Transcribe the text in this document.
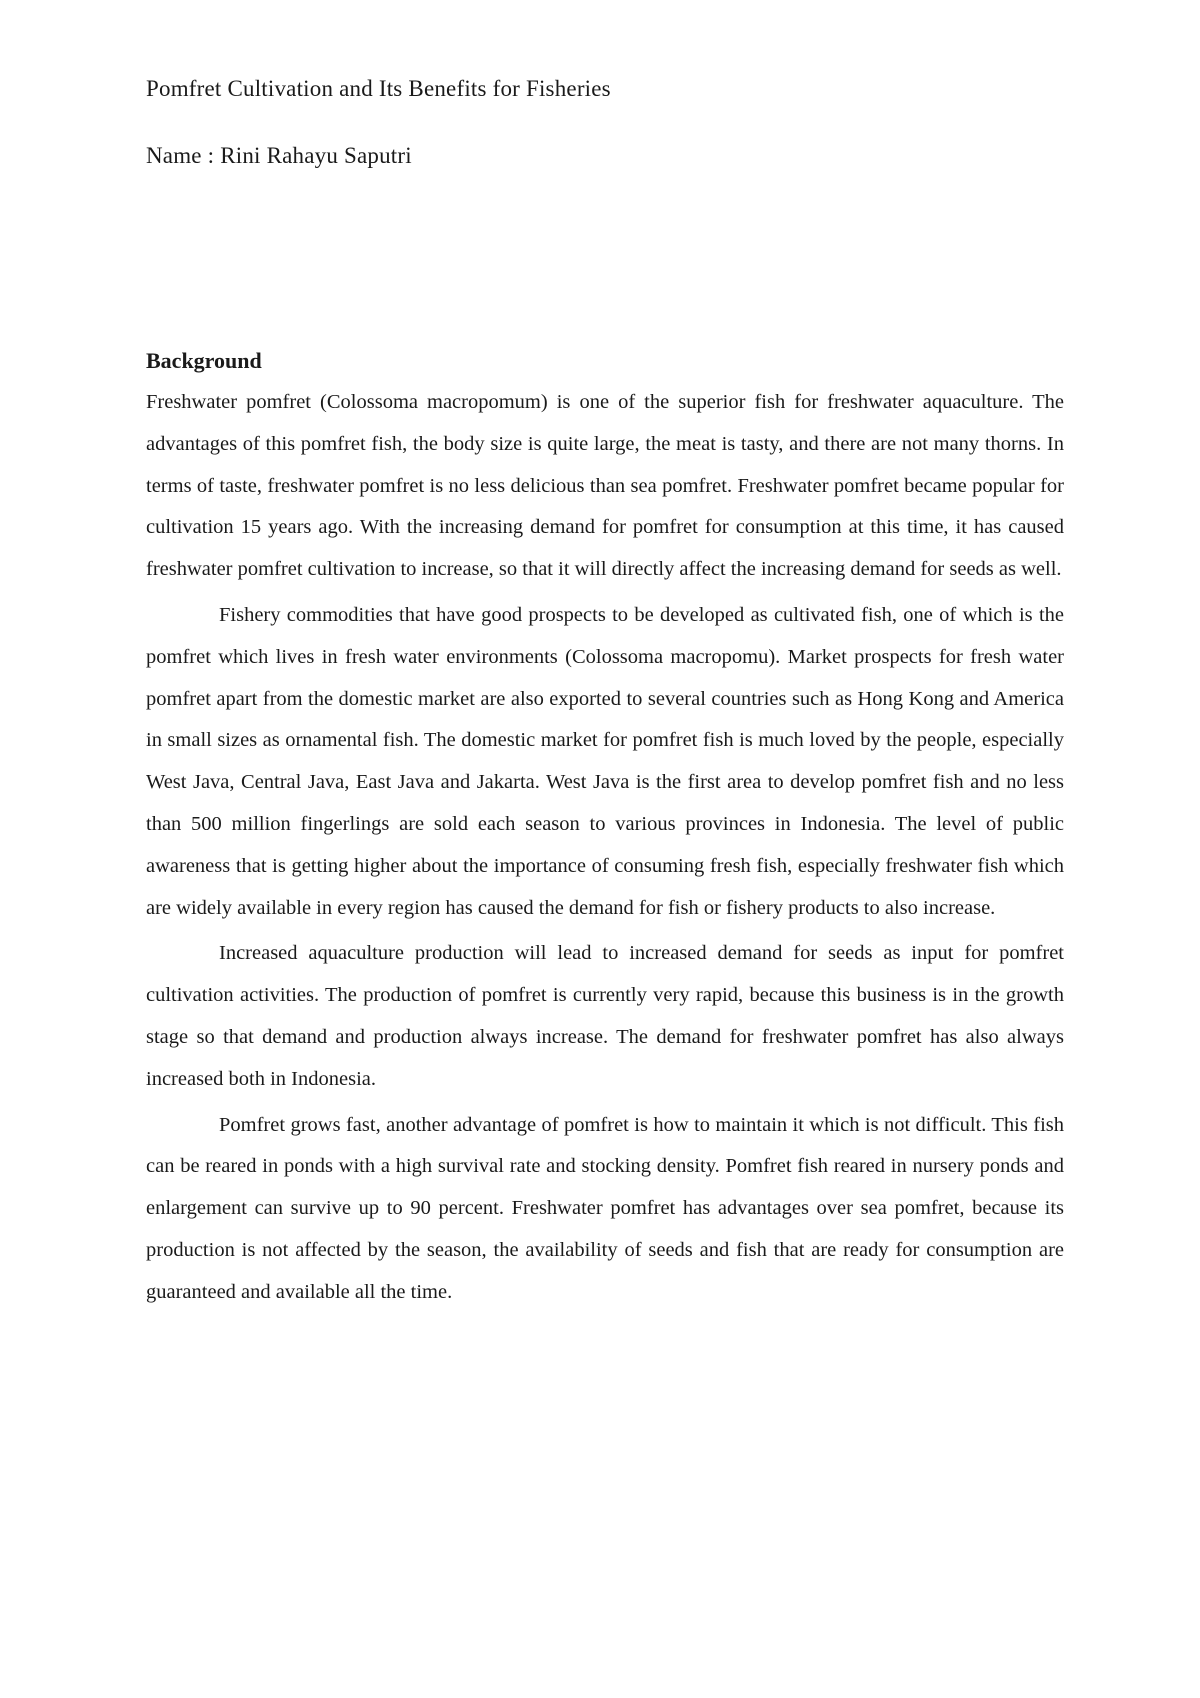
Pomfret Cultivation and Its Benefits for Fisheries

Name : Rini Rahayu Saputri

Background

Freshwater pomfret (Colossoma macropomum) is one of the superior fish for freshwater aquaculture. The advantages of this pomfret fish, the body size is quite large, the meat is tasty, and there are not many thorns. In terms of taste, freshwater pomfret is no less delicious than sea pomfret. Freshwater pomfret became popular for cultivation 15 years ago. With the increasing demand for pomfret for consumption at this time, it has caused freshwater pomfret cultivation to increase, so that it will directly affect the increasing demand for seeds as well.

Fishery commodities that have good prospects to be developed as cultivated fish, one of which is the pomfret which lives in fresh water environments (Colossoma macropomu). Market prospects for fresh water pomfret apart from the domestic market are also exported to several countries such as Hong Kong and America in small sizes as ornamental fish. The domestic market for pomfret fish is much loved by the people, especially West Java, Central Java, East Java and Jakarta. West Java is the first area to develop pomfret fish and no less than 500 million fingerlings are sold each season to various provinces in Indonesia. The level of public awareness that is getting higher about the importance of consuming fresh fish, especially freshwater fish which are widely available in every region has caused the demand for fish or fishery products to also increase.

Increased aquaculture production will lead to increased demand for seeds as input for pomfret cultivation activities. The production of pomfret is currently very rapid, because this business is in the growth stage so that demand and production always increase. The demand for freshwater pomfret has also always increased both in Indonesia.

Pomfret grows fast, another advantage of pomfret is how to maintain it which is not difficult. This fish can be reared in ponds with a high survival rate and stocking density. Pomfret fish reared in nursery ponds and enlargement can survive up to 90 percent. Freshwater pomfret has advantages over sea pomfret, because its production is not affected by the season, the availability of seeds and fish that are ready for consumption are guaranteed and available all the time.
